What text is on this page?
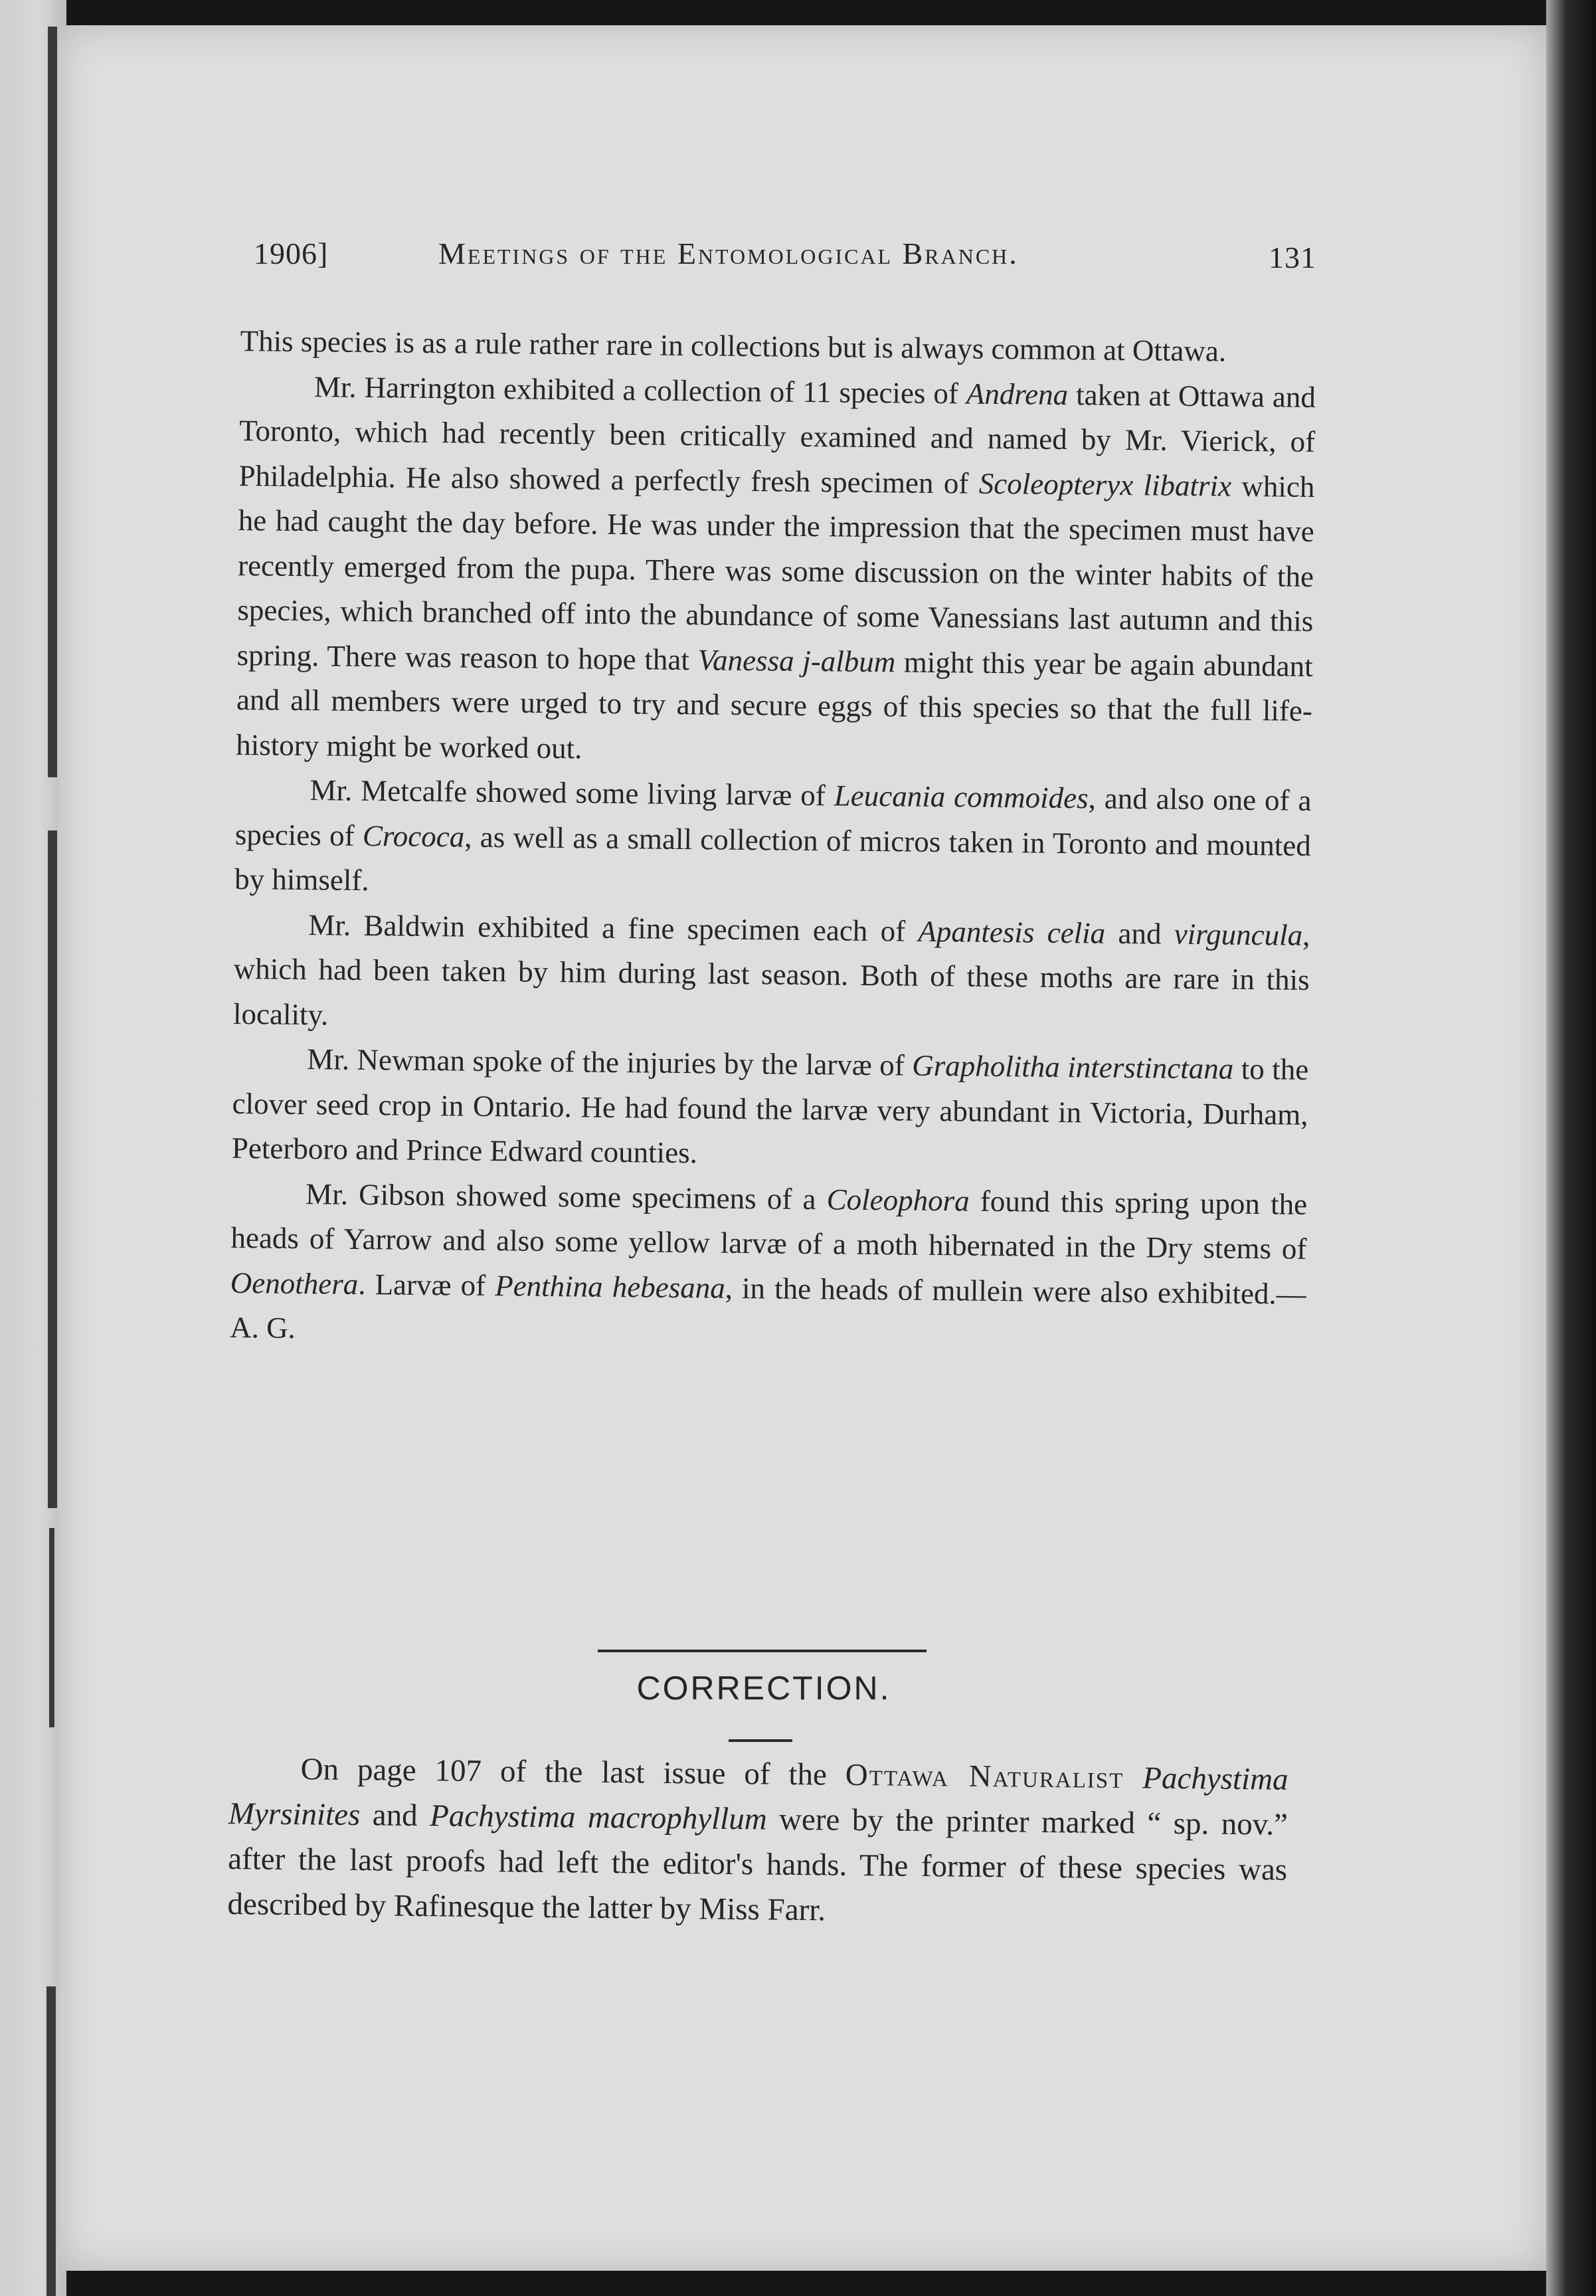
1906]	Meetings of the Entomological Branch.	131

This species is as a rule rather rare in collections but is always common at Ottawa.

Mr. Harrington exhibited a collection of 11 species of Andrena taken at Ottawa and Toronto, which had recently been critically examined and named by Mr. Vierick, of Philadelphia. He also showed a perfectly fresh specimen of Scoleopteryx libatrix which he had caught the day before. He was under the impression that the specimen must have recently emerged from the pupa. There was some discussion on the winter habits of the species, which branched off into the abundance of some Vanessians last autumn and this spring. There was reason to hope that Vanessa j-album might this year be again abundant and all members were urged to try and secure eggs of this species so that the full life-history might be worked out.

Mr. Metcalfe showed some living larvæ of Leucania commoides, and also one of a species of Crococa, as well as a small collection of micros taken in Toronto and mounted by himself.

Mr. Baldwin exhibited a fine specimen each of Apantesis celia and virguncula, which had been taken by him during last season. Both of these moths are rare in this locality.

Mr. Newman spoke of the injuries by the larvæ of Grapholitha interstinctana to the clover seed crop in Ontario. He had found the larvæ very abundant in Victoria, Durham, Peterboro and Prince Edward counties.

Mr. Gibson showed some specimens of a Coleophora found this spring upon the heads of Yarrow and also some yellow larvæ of a moth hibernated in the Dry stems of Oenothera. Larvæ of Penthina hebesana, in the heads of mullein were also exhibited.—A. G.

CORRECTION.

On page 107 of the last issue of the Ottawa Naturalist Pachystima Myrsinites and Pachystima macrophyllum were by the printer marked “ sp. nov.” after the last proofs had left the editor's hands. The former of these species was described by Rafinesque the latter by Miss Farr.
